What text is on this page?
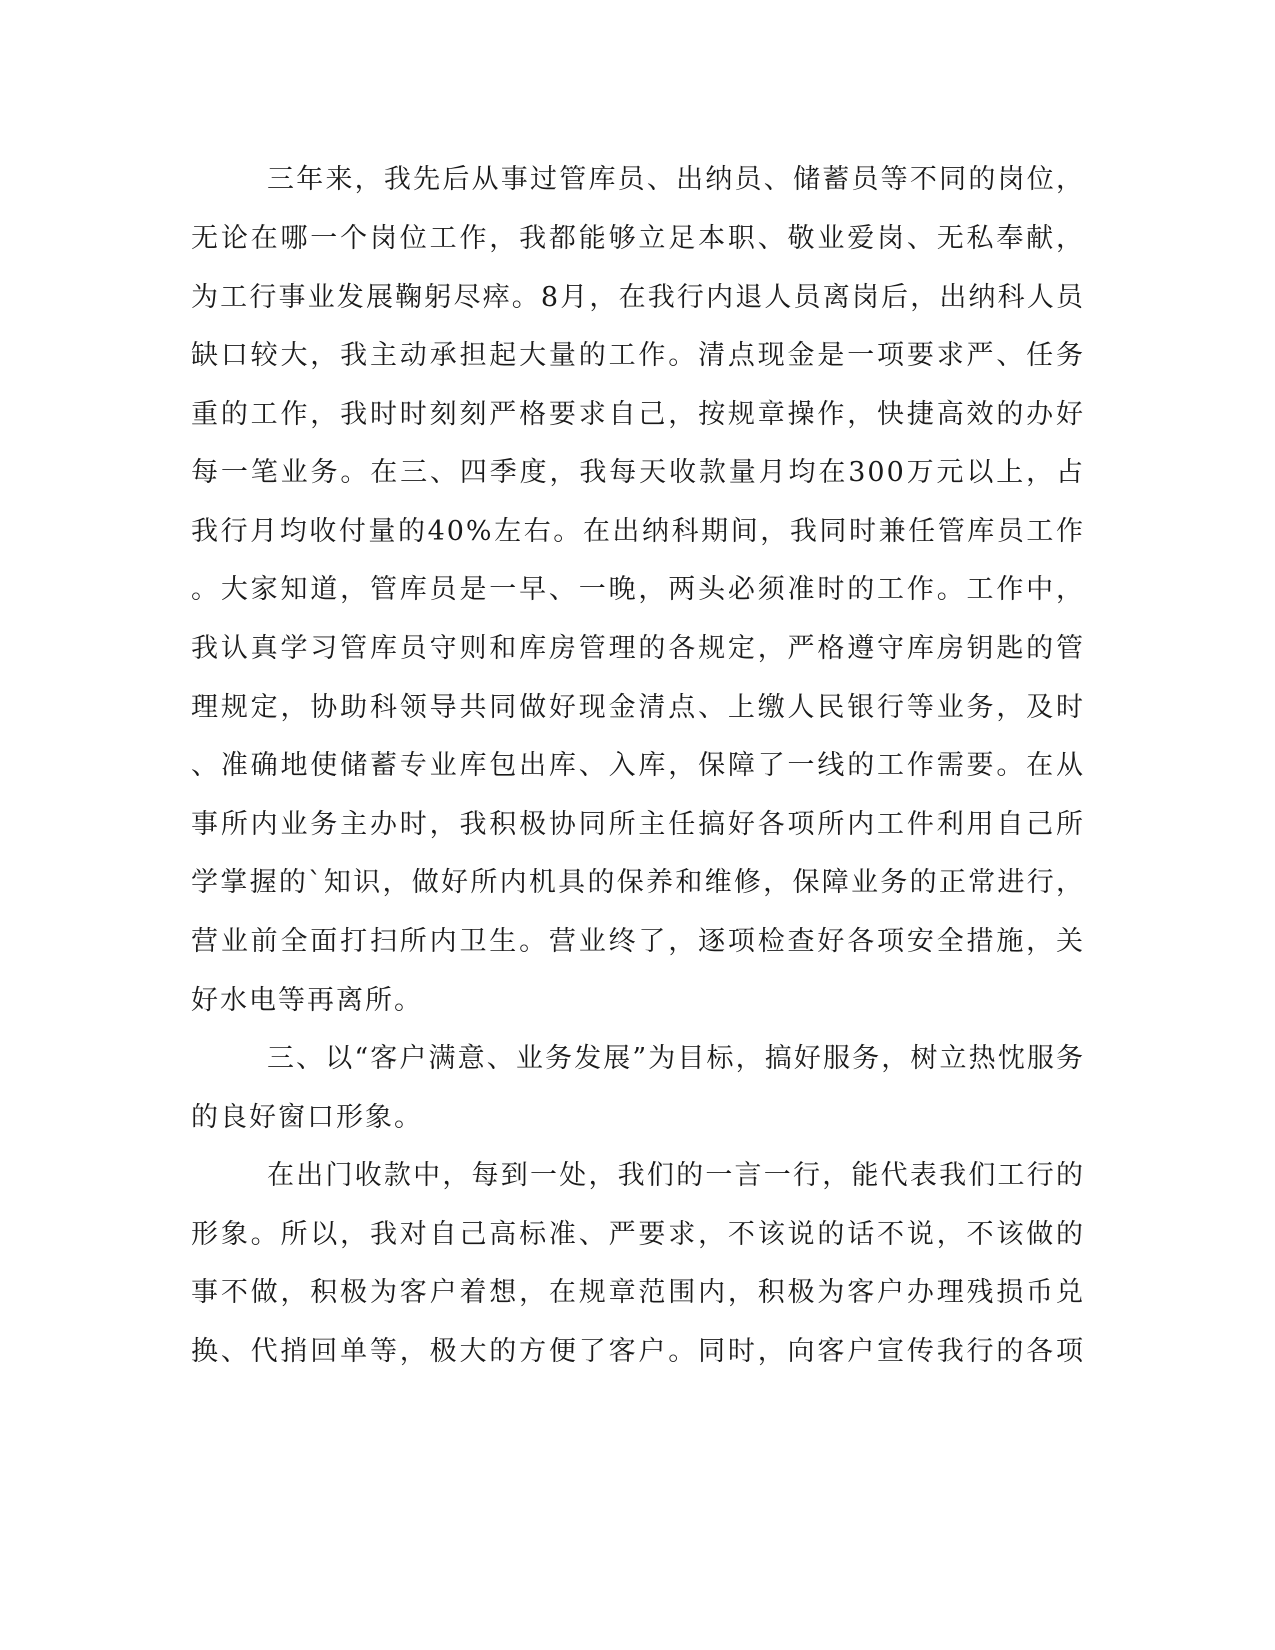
三年来，我先后从事过管库员、出纳员、储蓄员等不同的岗位，
无论在哪一个岗位工作，我都能够立足本职、敬业爱岗、无私奉献，
为工行事业发展鞠躬尽瘁。8月，在我行内退人员离岗后，出纳科人员
缺口较大，我主动承担起大量的工作。清点现金是一项要求严、任务
重的工作，我时时刻刻严格要求自己，按规章操作，快捷高效的办好
每一笔业务。在三、四季度，我每天收款量月均在300万元以上，占
我行月均收付量的40%左右。在出纳科期间，我同时兼任管库员工作
。大家知道，管库员是一早、一晚，两头必须准时的工作。工作中，
我认真学习管库员守则和库房管理的各规定，严格遵守库房钥匙的管
理规定，协助科领导共同做好现金清点、上缴人民银行等业务，及时
、准确地使储蓄专业库包出库、入库，保障了一线的工作需要。在从
事所内业务主办时，我积极协同所主任搞好各项所内工件利用自己所
学掌握的`知识，做好所内机具的保养和维修，保障业务的正常进行，
营业前全面打扫所内卫生。营业终了，逐项检查好各项安全措施，关
好水电等再离所。
三、以“客户满意、业务发展”为目标，搞好服务，树立热忱服务
的良好窗口形象。
在出门收款中，每到一处，我们的一言一行，能代表我们工行的
形象。所以，我对自己高标准、严要求，不该说的话不说，不该做的
事不做，积极为客户着想，在规章范围内，积极为客户办理残损币兑
换、代捎回单等，极大的方便了客户。同时，向客户宣传我行的各项
